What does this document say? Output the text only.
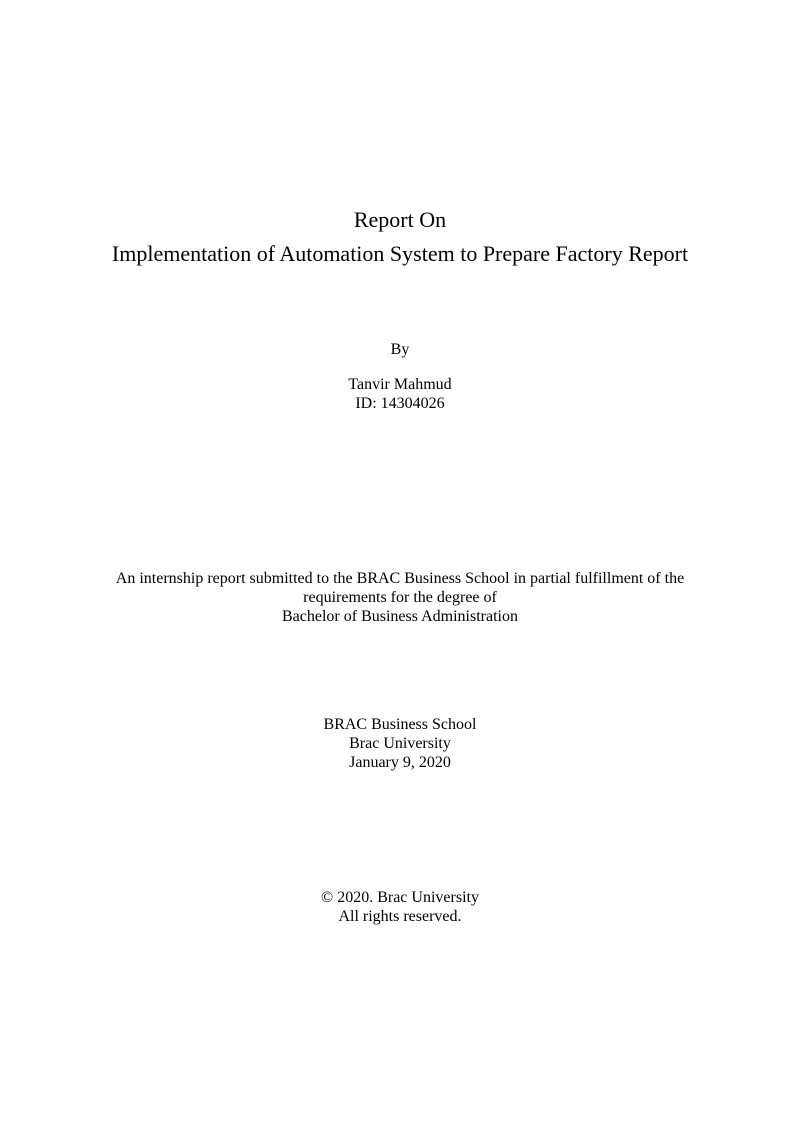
Report On
Implementation of Automation System to Prepare Factory Report
By
Tanvir Mahmud
ID: 14304026
An internship report submitted to the BRAC Business School in partial fulfillment of the
requirements for the degree of
Bachelor of Business Administration
BRAC Business School
Brac University
January 9, 2020
© 2020. Brac University
All rights reserved.
